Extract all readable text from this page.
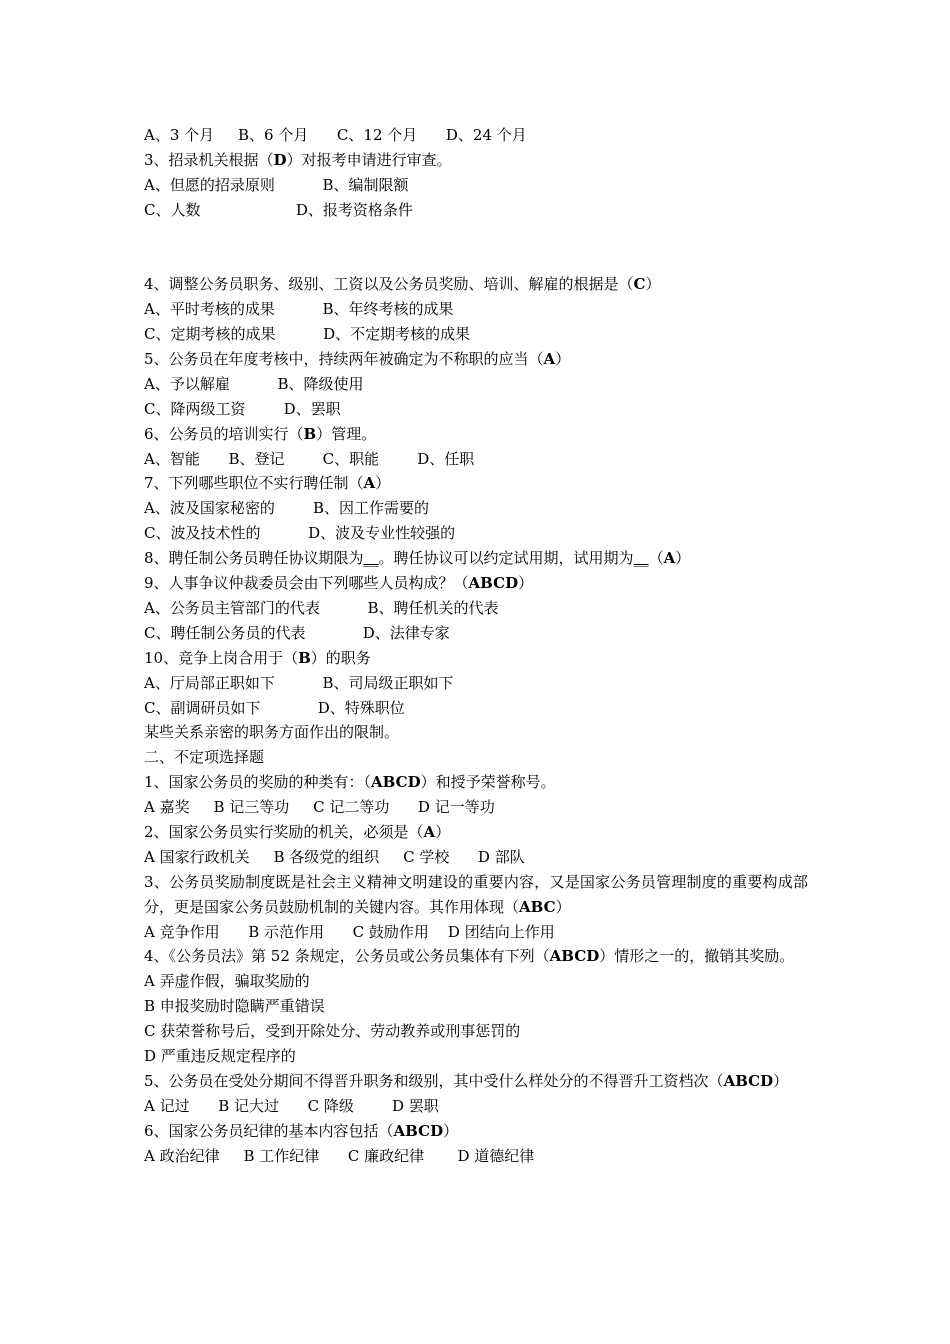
A、3 个月     B、6 个月      C、12 个月      D、24 个月
3、招录机关根据（D）对报考申请进行审查。
A、但愿的招录原则          B、编制限额
C、人数                    D、报考资格条件
4、调整公务员职务、级别、工资以及公务员奖励、培训、解雇的根据是（C）
A、平时考核的成果          B、年终考核的成果
C、定期考核的成果          D、不定期考核的成果
5、公务员在年度考核中，持续两年被确定为不称职的应当（A）
A、予以解雇          B、降级使用
C、降两级工资        D、罢职
6、公务员的培训实行（B）管理。
A、智能      B、登记        C、职能        D、任职
7、下列哪些职位不实行聘任制（A）
A、波及国家秘密的        B、因工作需要的
C、波及技术性的          D、波及专业性较强的
8、聘任制公务员聘任协议期限为__。聘任协议可以约定试用期，试用期为__（A）
9、人事争议仲裁委员会由下列哪些人员构成？（ABCD）
A、公务员主管部门的代表          B、聘任机关的代表
C、聘任制公务员的代表            D、法律专家
10、竞争上岗合用于（B）的职务
A、厅局部正职如下          B、司局级正职如下
C、副调研员如下            D、特殊职位
某些关系亲密的职务方面作出的限制。
二、不定项选择题
1、国家公务员的奖励的种类有：（ABCD）和授予荣誉称号。
A 嘉奖     B 记三等功     C 记二等功      D 记一等功
2、国家公务员实行奖励的机关，必须是（A）
A 国家行政机关     B 各级党的组织     C 学校      D 部队
3、公务员奖励制度既是社会主义精神文明建设的重要内容，又是国家公务员管理制度的重要构成部分，更是国家公务员鼓励机制的关键内容。其作用体现（ABC）
A 竞争作用      B 示范作用      C 鼓励作用    D 团结向上作用
4、《公务员法》第 52 条规定，公务员或公务员集体有下列（ABCD）情形之一的，撤销其奖励。
A 弄虚作假，骗取奖励的
B 申报奖励时隐瞒严重错误
C 获荣誉称号后，受到开除处分、劳动教养或刑事惩罚的
D 严重违反规定程序的
5、公务员在受处分期间不得晋升职务和级别，其中受什么样处分的不得晋升工资档次（ABCD）
A 记过      B 记大过      C 降级        D 罢职
6、国家公务员纪律的基本内容包括（ABCD）
A 政治纪律     B 工作纪律      C 廉政纪律       D 道德纪律
